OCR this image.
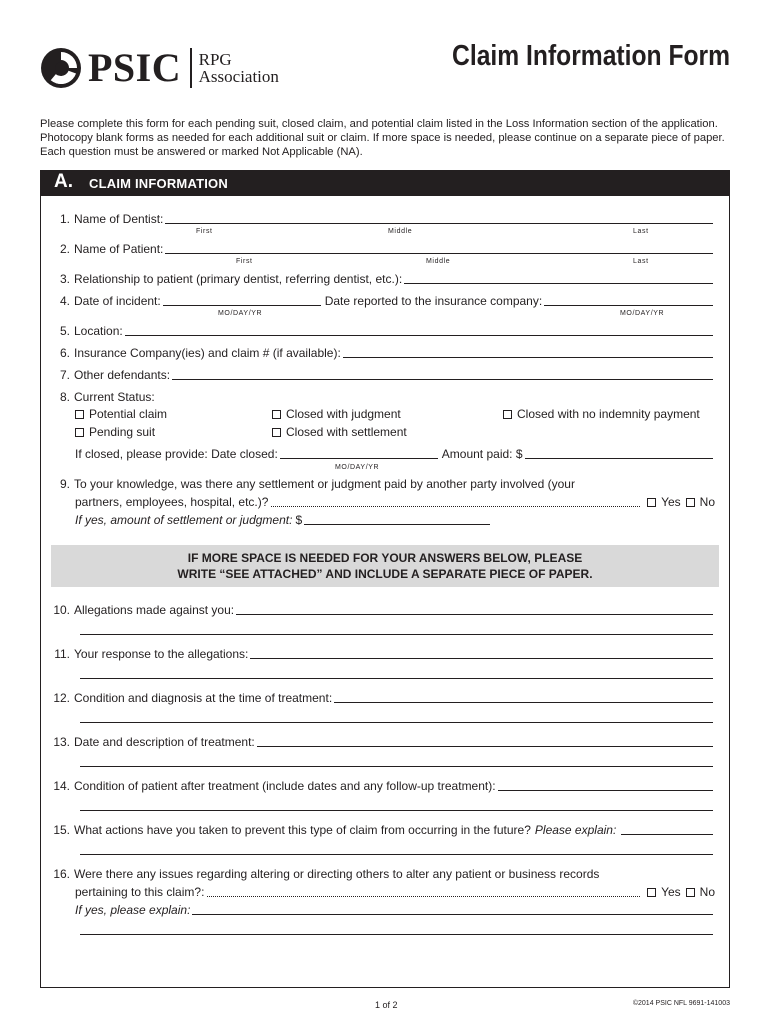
PSIC RPG
Association
Claim Information Form

Please complete this form for each pending suit, closed claim, and potential claim listed in the Loss Information section of the application. Photocopy blank forms as needed for each additional suit or claim. If more space is needed, please continue on a separate piece of paper. Each question must be answered or marked Not Applicable (NA).

A. CLAIM INFORMATION
1. Name of Dentist:
First	Middle	Last
2. Name of Patient:
First	Middle	Last
3. Relationship to patient (primary dentist, referring dentist, etc.):
4. Date of incident:	Date reported to the insurance company:
MO/DAY/YR	MO/DAY/YR
5. Location:
6. Insurance Company(ies) and claim # (if available):
7. Other defendants:
8. Current Status:
Potential claim	Closed with judgment	Closed with no indemnity payment
Pending suit	Closed with settlement
If closed, please provide: Date closed:	Amount paid: $
MO/DAY/YR
9. To your knowledge, was there any settlement or judgment paid by another party involved (your
partners, employees, hospital, etc.)?	Yes No
If yes, amount of settlement or judgment: $
IF MORE SPACE IS NEEDED FOR YOUR ANSWERS BELOW, PLEASE
WRITE “SEE ATTACHED” AND INCLUDE A SEPARATE PIECE OF PAPER.
10. Allegations made against you:
11. Your response to the allegations:
12. Condition and diagnosis at the time of treatment:
13. Date and description of treatment:
14. Condition of patient after treatment (include dates and any follow-up treatment):
15. What actions have you taken to prevent this type of claim from occurring in the future? Please explain:
16. Were there any issues regarding altering or directing others to alter any patient or business records
pertaining to this claim?:	Yes No
If yes, please explain:
1 of 2	©2014 PSIC NFL 9691-141003
